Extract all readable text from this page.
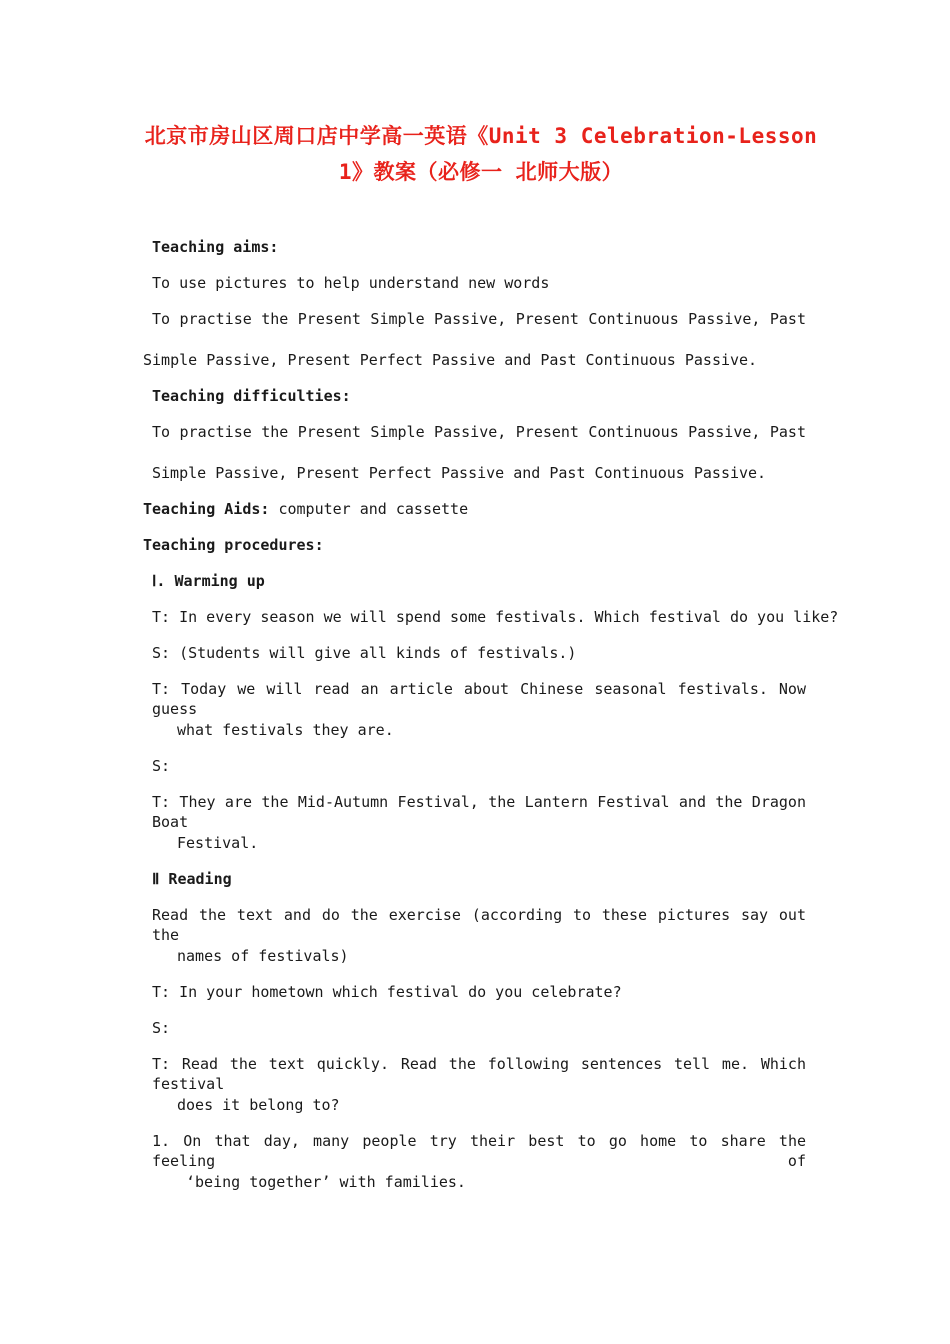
北京市房山区周口店中学高一英语《Unit 3 Celebration-Lesson
1》教案（必修一 北师大版）
Teaching aims:
To use pictures to help understand new words
To practise the Present Simple Passive, Present Continuous Passive, Past
Simple Passive, Present Perfect Passive and Past Continuous Passive.
Teaching difficulties:
To practise the Present Simple Passive, Present Continuous Passive, Past
Simple Passive, Present Perfect Passive and Past Continuous Passive.
Teaching Aids: computer and cassette
Teaching procedures:
Ⅰ. Warming up
T: In every season we will spend some festivals. Which festival do you like?
S: (Students will give all kinds of festivals.)
T: Today we will read an article about Chinese seasonal festivals. Now guess
what festivals they are.
S:
T: They are the Mid-Autumn Festival, the Lantern Festival and the Dragon Boat
Festival.
Ⅱ Reading
Read the text and do the exercise (according to these pictures say out the
names of festivals)
T: In your hometown which festival do you celebrate?
S:
T: Read the text quickly. Read the following sentences tell me. Which festival
does it belong to?
1. On that day, many people try their best to go home to share the feeling of
‘being together’ with families.
